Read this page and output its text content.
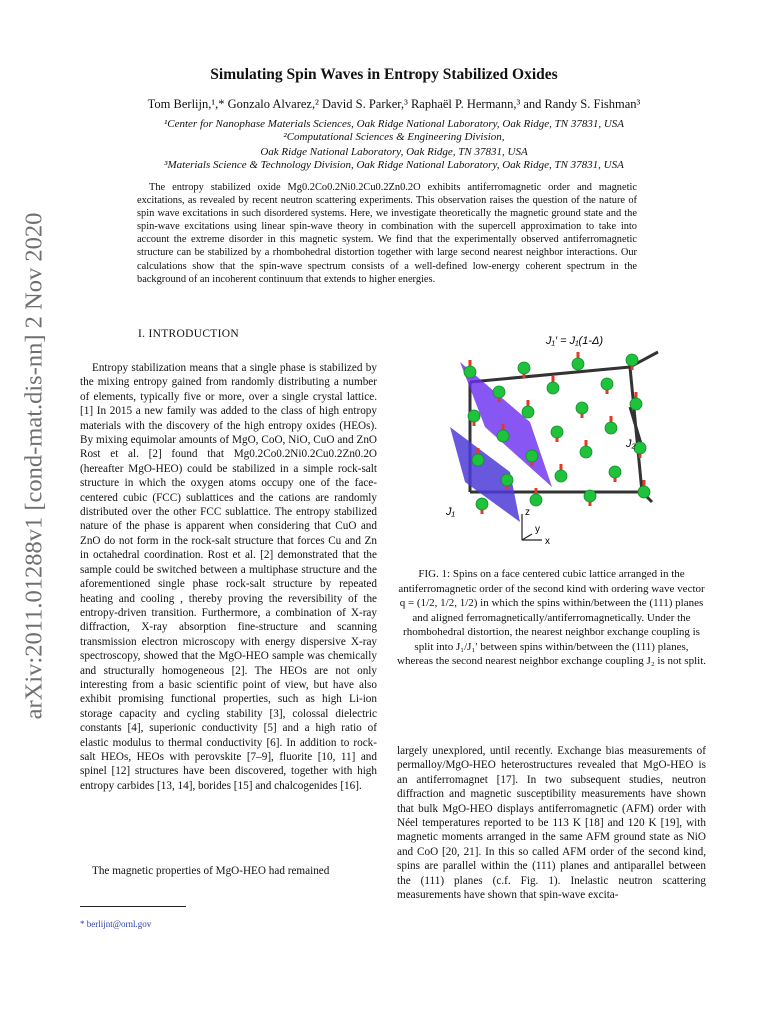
arXiv:2011.01288v1 [cond-mat.dis-nn] 2 Nov 2020
Simulating Spin Waves in Entropy Stabilized Oxides
Tom Berlijn,¹,* Gonzalo Alvarez,² David S. Parker,³ Raphaël P. Hermann,³ and Randy S. Fishman³
¹Center for Nanophase Materials Sciences, Oak Ridge National Laboratory, Oak Ridge, TN 37831, USA
²Computational Sciences & Engineering Division,
Oak Ridge National Laboratory, Oak Ridge, TN 37831, USA
³Materials Science & Technology Division, Oak Ridge National Laboratory, Oak Ridge, TN 37831, USA
The entropy stabilized oxide Mg0.2Co0.2Ni0.2Cu0.2Zn0.2O exhibits antiferromagnetic order and magnetic excitations, as revealed by recent neutron scattering experiments. This observation raises the question of the nature of spin wave excitations in such disordered systems. Here, we investigate theoretically the magnetic ground state and the spin-wave excitations using linear spin-wave theory in combination with the supercell approximation to take into account the extreme disorder in this magnetic system. We find that the experimentally observed antiferromagnetic structure can be stabilized by a rhombohedral distortion together with large second nearest neighbor interactions. Our calculations show that the spin-wave spectrum consists of a well-defined low-energy coherent spectrum in the background of an incoherent continuum that extends to higher energies.
I. INTRODUCTION
Entropy stabilization means that a single phase is stabilized by the mixing entropy gained from randomly distributing a number of elements, typically five or more, over a single crystal lattice. [1] In 2015 a new family was added to the class of high entropy materials with the discovery of the high entropy oxides (HEOs). By mixing equimolar amounts of MgO, CoO, NiO, CuO and ZnO Rost et al. [2] found that Mg0.2Co0.2Ni0.2Cu0.2Zn0.2O (hereafter MgO-HEO) could be stabilized in a simple rock-salt structure in which the oxygen atoms occupy one of the face-centered cubic (FCC) sublattices and the cations are randomly distributed over the other FCC sublattice. The entropy stabilized nature of the phase is apparent when considering that CuO and ZnO do not form in the rock-salt structure that forces Cu and Zn in octahedral coordination. Rost et al. [2] demonstrated that the sample could be switched between a multiphase structure and the aforementioned single phase rock-salt structure by repeated heating and cooling , thereby proving the reversibility of the entropy-driven transition. Furthermore, a combination of X-ray diffraction, X-ray absorption fine-structure and scanning transmission electron microscopy with energy dispersive X-ray spectroscopy, showed that the MgO-HEO sample was chemically and structurally homogeneous [2]. The HEOs are not only interesting from a basic scientific point of view, but have also exhibit promising functional properties, such as high Li-ion storage capacity and cycling stability [3], colossal dielectric constants [4], superionic conductivity [5] and a high ratio of elastic modulus to thermal conductivity [6]. In addition to rock-salt HEOs, HEOs with perovskite [7–9], fluorite [10, 11] and spinel [12] structures have been discovered, together with high entropy carbides [13, 14], borides [15] and chalcogenides [16].
The magnetic properties of MgO-HEO had remained
* berlijnt@ornl.gov
J₁′ = J₁(1-Δ)
J₂
J₁	z
y
x
FIG. 1: Spins on a face centered cubic lattice arranged in the antiferromagnetic order of the second kind with ordering wave vector q = (1/2, 1/2, 1/2) in which the spins within/between the (111) planes and aligned ferromagnetically/antiferromagnetically. Under the rhombohedral distortion, the nearest neighbor exchange coupling is split into J₁/J₁′ between spins within/between the (111) planes, whereas the second nearest neighbor exchange coupling J₂ is not split.
largely unexplored, until recently. Exchange bias measurements of permalloy/MgO-HEO heterostructures revealed that MgO-HEO is an antiferromagnet [17]. In two subsequent studies, neutron diffraction and magnetic susceptibility measurements have shown that bulk MgO-HEO displays antiferromagnetic (AFM) order with Néel temperatures reported to be 113 K [18] and 120 K [19], with magnetic moments arranged in the same AFM ground state as NiO and CoO [20, 21]. In this so called AFM order of the second kind, spins are parallel within the (111) planes and antiparallel between the (111) planes (c.f. Fig. 1). Inelastic neutron scattering measurements have shown that spin-wave excita-
